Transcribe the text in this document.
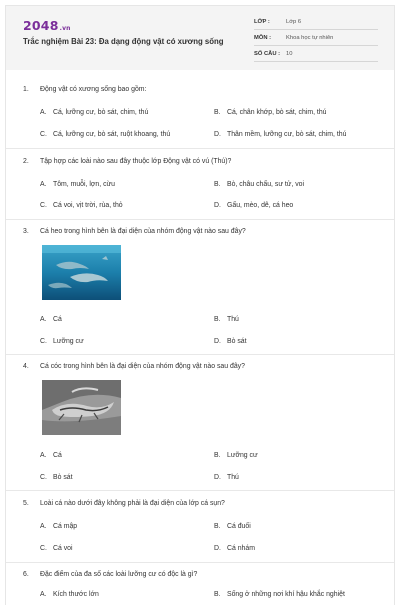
2048.vn
Trắc nghiệm Bài 23: Đa dạng động vật có xương sống
LỚP :	Lớp 6
MÔN :	Khoa học tự nhiên
SỐ CÂU : 10
1. Động vật có xương sống bao gồm:
A. Cá, lưỡng cư, bò sát, chim, thú	B. Cá, chân khớp, bò sát, chim, thú
C. Cá, lưỡng cư, bò sát, ruột khoang, thú	D. Thân mềm, lưỡng cư, bò sát, chim, thú
2. Tập hợp các loài nào sau đây thuộc lớp Động vật có vú (Thú)?
A. Tôm, muỗi, lợn, cừu	B. Bò, châu chấu, sư tử, voi
C. Cá voi, vịt trời, rùa, thỏ	D. Gấu, mèo, dê, cá heo
3. Cá heo trong hình bên là đại diện của nhóm động vật nào sau đây?
A. Cá	B. Thú
C. Lưỡng cư	D. Bò sát
4. Cá cóc trong hình bên là đại diện của nhóm động vật nào sau đây?
A. Cá	B. Lưỡng cư
C. Bò sát	D. Thú
5. Loài cá nào dưới đây không phải là đại diện của lớp cá sụn?
A. Cá mập	B. Cá đuối
C. Cá voi	D. Cá nhám
6. Đặc điểm của đa số các loài lưỡng cư có độc là gì?
A. Kích thước lớn	B. Sống ở những nơi khí hậu khắc nghiệt
